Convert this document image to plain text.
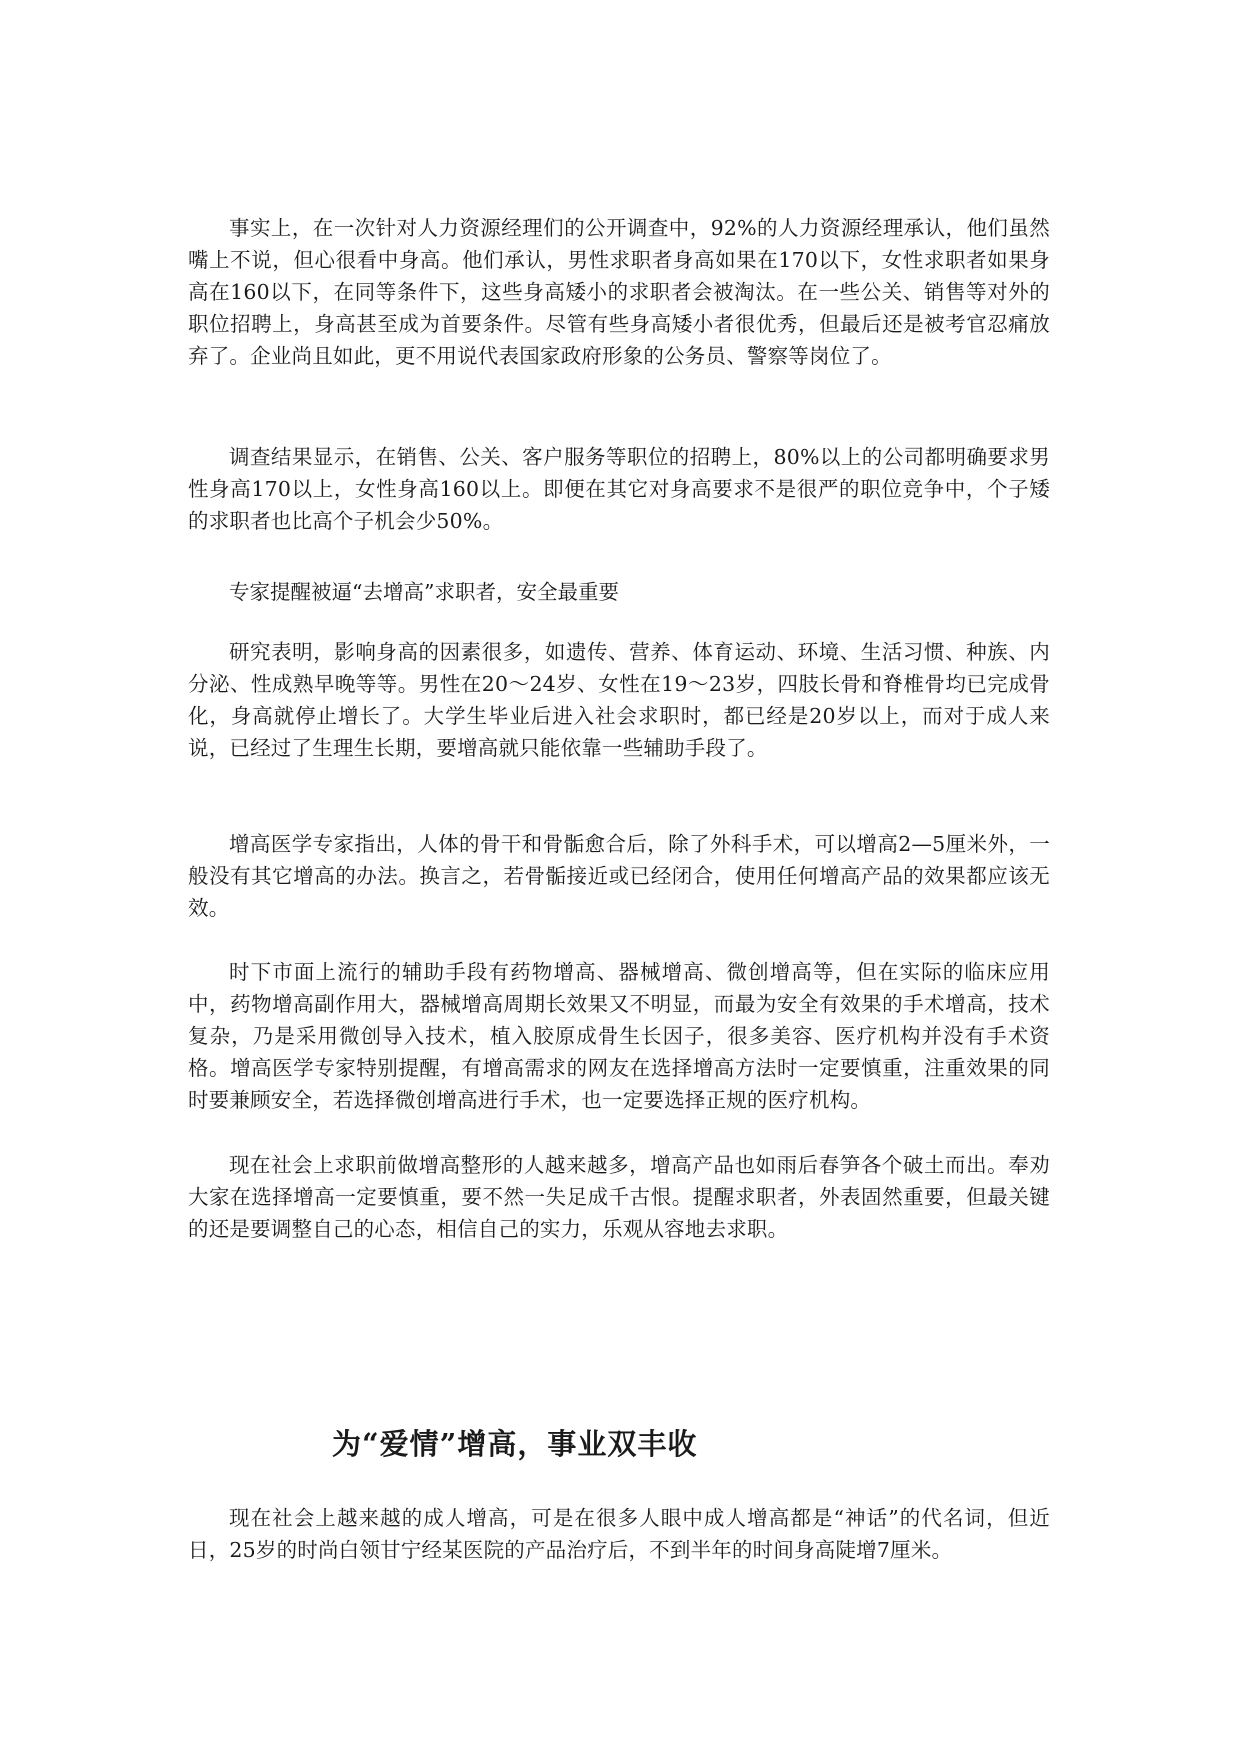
事实上，在一次针对人力资源经理们的公开调查中，92%的人力资源经理承认，他们虽然嘴上不说，但心很看中身高。他们承认，男性求职者身高如果在170以下，女性求职者如果身高在160以下，在同等条件下，这些身高矮小的求职者会被淘汰。在一些公关、销售等对外的职位招聘上，身高甚至成为首要条件。尽管有些身高矮小者很优秀，但最后还是被考官忍痛放弃了。企业尚且如此，更不用说代表国家政府形象的公务员、警察等岗位了。

调查结果显示，在销售、公关、客户服务等职位的招聘上，80%以上的公司都明确要求男性身高170以上，女性身高160以上。即便在其它对身高要求不是很严的职位竞争中，个子矮的求职者也比高个子机会少50%。

专家提醒被逼“去增高”求职者，安全最重要

研究表明，影响身高的因素很多，如遗传、营养、体育运动、环境、生活习惯、种族、内分泌、性成熟早晚等等。男性在20～24岁、女性在19～23岁，四肢长骨和脊椎骨均已完成骨化，身高就停止增长了。大学生毕业后进入社会求职时，都已经是20岁以上，而对于成人来说，已经过了生理生长期，要增高就只能依靠一些辅助手段了。

增高医学专家指出，人体的骨干和骨骺愈合后，除了外科手术，可以增高2—5厘米外，一般没有其它增高的办法。换言之，若骨骺接近或已经闭合，使用任何增高产品的效果都应该无效。

时下市面上流行的辅助手段有药物增高、器械增高、微创增高等，但在实际的临床应用中，药物增高副作用大，器械增高周期长效果又不明显，而最为安全有效果的手术增高，技术复杂，乃是采用微创导入技术，植入胶原成骨生长因子，很多美容、医疗机构并没有手术资格。增高医学专家特别提醒，有增高需求的网友在选择增高方法时一定要慎重，注重效果的同时要兼顾安全，若选择微创增高进行手术，也一定要选择正规的医疗机构。

现在社会上求职前做增高整形的人越来越多，增高产品也如雨后春笋各个破土而出。奉劝大家在选择增高一定要慎重，要不然一失足成千古恨。提醒求职者，外表固然重要，但最关键的还是要调整自己的心态，相信自己的实力，乐观从容地去求职。

为“爱情”增高，事业双丰收

现在社会上越来越的成人增高，可是在很多人眼中成人增高都是“神话”的代名词，但近日，25岁的时尚白领甘宁经某医院的产品治疗后，不到半年的时间身高陡增7厘米。
